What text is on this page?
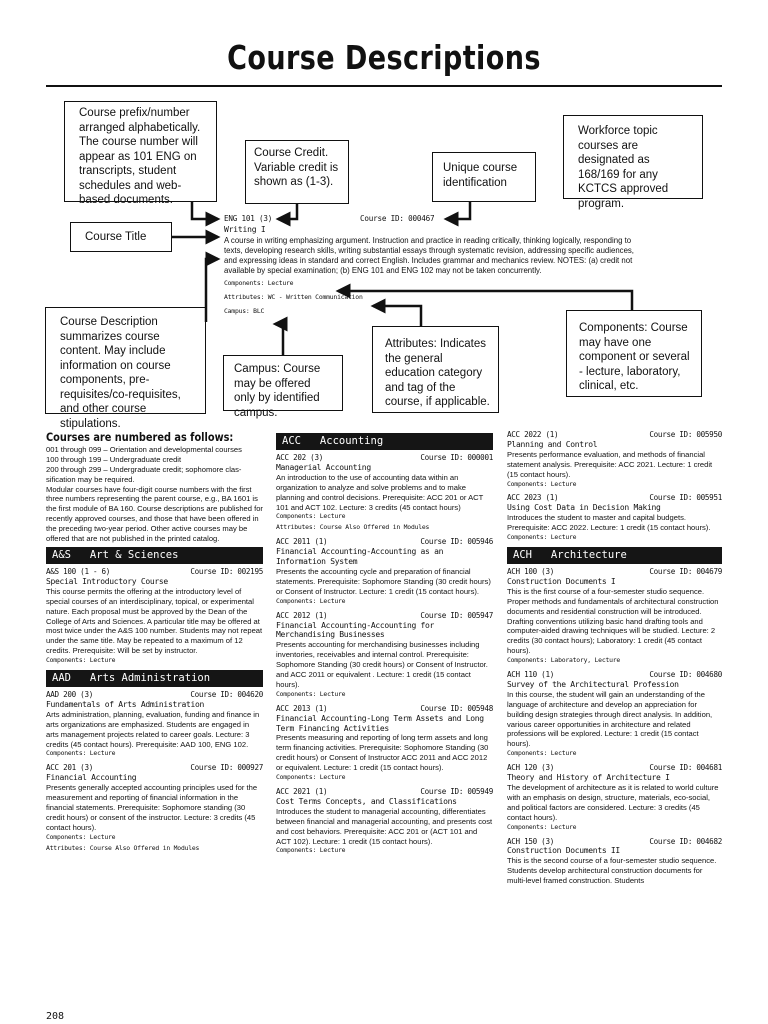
Course Descriptions
Course prefix/number arranged alphabetically. The course number will appear as 101 ENG on transcripts, student schedules and web-based documents.
Course Credit. Variable credit is shown as (1-3).
Unique course identification
Workforce topic courses are designated as 168/169 for any KCTCS approved program.
Course Title
Course Description summarizes course content. May include information on course components, pre-requisites/co-requisites, and other course stipulations.
Campus: Course may be offered only by identified campus.
Attributes: Indicates the general education category and tag of the course, if applicable.
Components: Course may have one component or several - lecture, laboratory, clinical, etc.
ENG 101 (3)	Course ID: 000467
Writing I
A course in writing emphasizing argument. Instruction and practice in reading critically, thinking logically, responding to texts, developing research skills, writing substantial essays through systematic revision, addressing specific audiences, and expressing ideas in standard and correct English. Includes grammar and mechanics review. NOTES: (a) credit not available by special examination; (b) ENG 101 and ENG 102 may not be taken concurrently.
Components: Lecture
Attributes: WC - Written Communication
Campus: BLC
Courses are numbered as follows:

001 through 099 – Orientation and developmental courses

100 through 199 – Undergraduate credit

200 through 299 – Undergraduate credit; sophomore clas-sification may be required.

Modular courses have four-digit course numbers with the first three numbers representing the parent course, e.g., BA 1601 is the first module of BA 160. Course descriptions are published for recently approved courses, and those that have been offered in the preceding two-year period. Other active courses may be offered that are not published in the printed catalog.

A&S   Art & Sciences
A&S 100 (1 - 6)	Course ID: 002195
Special Introductory Course

This course permits the offering at the introductory level of special courses of an interdisciplinary, topical, or experimental nature. Each proposal must be approved by the Dean of the College of Arts and Sciences. A particular title may be offered at most twice under the A&S 100 number. Students may not repeat under the same title. May be repeated to a maximum of 12 credits. Prerequisite: Will be set by instructor.

Components: Lecture
AAD   Arts Administration
AAD 200 (3)	Course ID: 004620
Fundamentals of Arts Administration

Arts administration, planning, evaluation, funding and finance in arts organizations are emphasized. Students are engaged in arts management projects related to career goals. Lecture: 3 credits (45 contact hours). Prerequisite: AAD 100, ENG 102.

Components: Lecture
ACC 201 (3)	Course ID: 000927
Financial Accounting

Presents generally accepted accounting principles used for the measurement and reporting of financial information in the financial statements. Prerequisite: Sophomore standing (30 credit hours) or consent of the instructor. Lecture: 3 credits (45 contact hours).

Components: Lecture
Attributes: Course Also Offered in Modules
ACC   Accounting
ACC 202 (3)	Course ID: 000001
Managerial Accounting

An introduction to the use of accounting data within an organization to analyze and solve problems and to make planning and control decisions. Prerequisite: ACC 201 or ACT 101 and ACT 102. Lecture: 3 credits (45 contact hours)

Components: Lecture
Attributes: Course Also Offered in Modules
ACC 2011 (1)	Course ID: 005946
Financial Accounting-Accounting as an Information System

Presents the accounting cycle and preparation of financial statements. Prerequisite: Sophomore Standing (30 credit hours) or Consent of Instructor. Lecture: 1 credit (15 contact hours).

Components: Lecture
ACC 2012 (1)	Course ID: 005947
Financial Accounting-Accounting for Merchandising Businesses

Presents accounting for merchandising businesses including inventories, receivables and internal control. Prerequisite: Sophomore Standing (30 credit hours) or Consent of Instructor. and ACC 2011 or equivalent . Lecture: 1 credit (15 contact hours).

Components: Lecture
ACC 2013 (1)	Course ID: 005948
Financial Accounting-Long Term Assets and Long Term Financing Activities

Presents measuring and reporting of long term assets and long term financing activities. Prerequisite: Sophomore Standing (30 credit hours) or Consent of Instructor ACC 2011 and ACC 2012 or equivalent. Lecture: 1 credit (15 contact hours).

Components: Lecture
ACC 2021 (1)	Course ID: 005949
Cost Terms Concepts, and Classifications

Introduces the student to managerial accounting, differentiates between financial and managerial accounting, and presents cost and cost behaviors. Prerequisite: ACC 201 or (ACT 101 and ACT 102). Lecture: 1 credit (15 contact hours).

Components: Lecture
ACC 2022 (1)	Course ID: 005950
Planning and Control

Presents performance evaluation, and methods of financial statement analysis. Prerequisite: ACC 2021. Lecture: 1 credit (15 contact hours).

Components: Lecture
ACC 2023 (1)	Course ID: 005951
Using Cost Data in Decision Making

Introduces the student to master and capital budgets. Prerequisite: ACC 2022. Lecture: 1 credit (15 contact hours).

Components: Lecture
ACH   Architecture
ACH 100 (3)	Course ID: 004679
Construction Documents I

This is the first course of a four-semester studio sequence. Proper methods and fundamentals of architectural construction documents and residential construction will be introduced. Drafting conventions utilizing basic hand drafting tools and computer-aided drawing techniques will be studied. Lecture: 2 credits (30 contact hours); Laboratory: 1 credit (45 contact hours).

Components: Laboratory, Lecture
ACH 110 (1)	Course ID: 004680
Survey of the Architectural Profession

In this course, the student will gain an understanding of the language of architecture and develop an appreciation for building design strategies through direct analysis. In addition, various career opportunities in architecture and related professions will be explored. Lecture: 1 credit (15 contact hours).

Components: Lecture
ACH 120 (3)	Course ID: 004681
Theory and History of Architecture I

The development of architecture as it is related to world culture with an emphasis on design, structure, materials, eco-social, and political factors are considered. Lecture: 3 credits (45 contact hours).

Components: Lecture
ACH 150 (3)	Course ID: 004682
Construction Documents II

This is the second course of a four-semester studio sequence. Students develop architectural construction documents for multi-level framed construction. Students

208
